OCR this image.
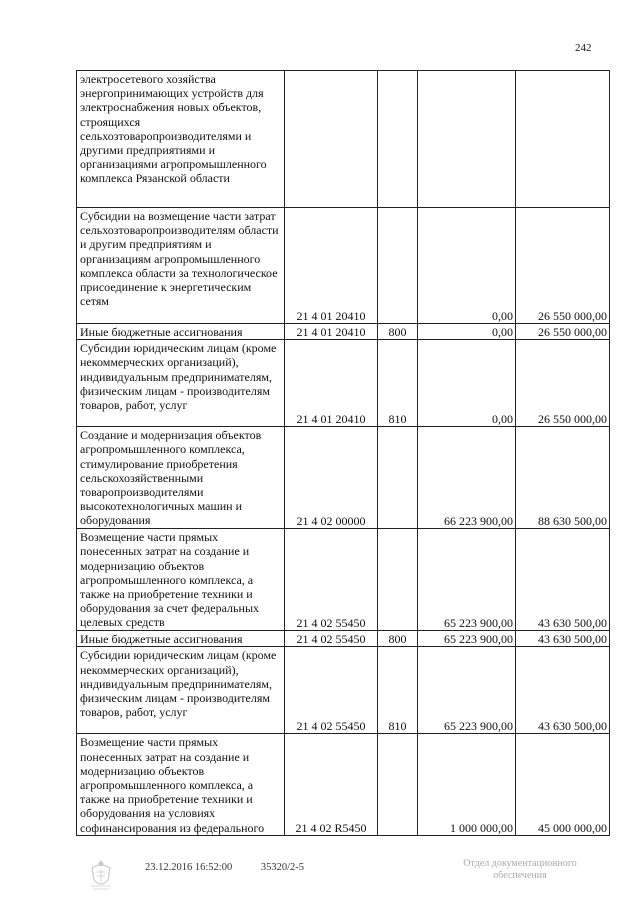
242
электросетевого хозяйства энергопринимающих устройств для электроснабжения новых объектов, строящихся сельхозтоваропроизводителями и другими предприятиями и организациями агропромышленного комплекса Рязанской области				
Субсидии на возмещение части затрат сельхозтоваропроизводителям области и другим предприятиям и организациям агропромышленного комплекса области за технологическое присоединение к энергетическим сетям	21 4 01 20410		0,00	26 550 000,00
Иные бюджетные ассигнования	21 4 01 20410	800	0,00	26 550 000,00
Субсидии юридическим лицам (кроме некоммерческих организаций), индивидуальным предпринимателям, физическим лицам - производителям товаров, работ, услуг	21 4 01 20410	810	0,00	26 550 000,00
Создание и модернизация объектов агропромышленного комплекса, стимулирование приобретения сельскохозяйственными товаропроизводителями высокотехнологичных машин и оборудования	21 4 02 00000		66 223 900,00	88 630 500,00
Возмещение части прямых понесенных затрат на создание и модернизацию объектов агропромышленного комплекса, а также на приобретение техники и оборудования за счет федеральных целевых средств	21 4 02 55450		65 223 900,00	43 630 500,00
Иные бюджетные ассигнования	21 4 02 55450	800	65 223 900,00	43 630 500,00
Субсидии юридическим лицам (кроме некоммерческих организаций), индивидуальным предпринимателям, физическим лицам - производителям товаров, работ, услуг	21 4 02 55450	810	65 223 900,00	43 630 500,00
Возмещение части прямых понесенных затрат на создание и модернизацию объектов агропромышленного комплекса, а также на приобретение техники и оборудования на условиях софинансирования из федерального	21 4 02 R5450		1 000 000,00	45 000 000,00
23.12.2016 16:52:00	35320/2-5	Отдел документационного
обеспечения
